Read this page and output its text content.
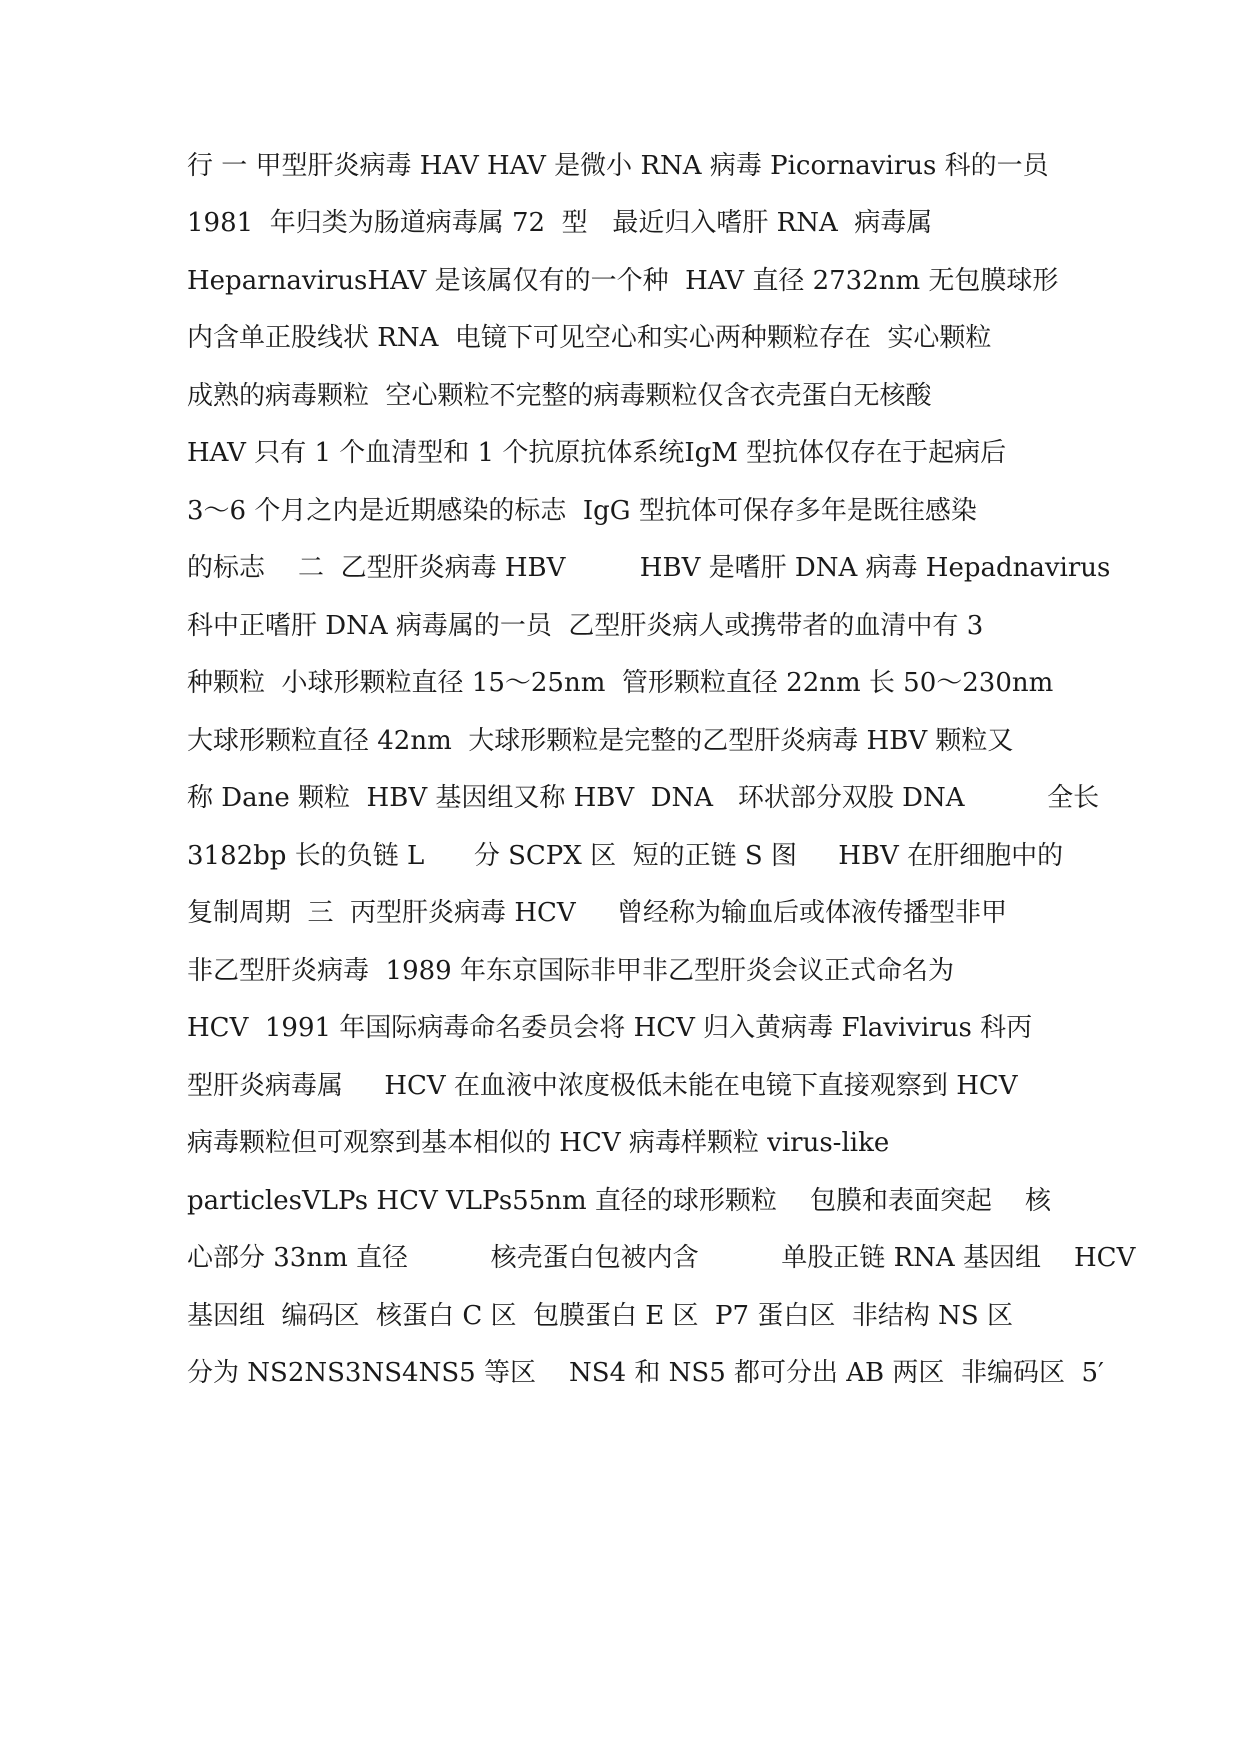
行 一 甲型肝炎病毒 HAV HAV 是微小 RNA 病毒 Picornavirus 科的一员
1981  年归类为肠道病毒属 72  型   最近归入嗜肝 RNA  病毒属
HeparnavirusHAV 是该属仅有的一个种  HAV 直径 2732nm 无包膜球形
内含单正股线状 RNA  电镜下可见空心和实心两种颗粒存在  实心颗粒
成熟的病毒颗粒  空心颗粒不完整的病毒颗粒仅含衣壳蛋白无核酸
HAV 只有 1 个血清型和 1 个抗原抗体系统IgM 型抗体仅存在于起病后
3～6 个月之内是近期感染的标志  IgG 型抗体可保存多年是既往感染
的标志    二  乙型肝炎病毒 HBV         HBV 是嗜肝 DNA 病毒 Hepadnavirus
科中正嗜肝 DNA 病毒属的一员  乙型肝炎病人或携带者的血清中有 3
种颗粒  小球形颗粒直径 15～25nm  管形颗粒直径 22nm 长 50～230nm
大球形颗粒直径 42nm  大球形颗粒是完整的乙型肝炎病毒 HBV 颗粒又
称 Dane 颗粒  HBV 基因组又称 HBV  DNA   环状部分双股 DNA          全长
3182bp 长的负链 L      分 SCPX 区  短的正链 S 图     HBV 在肝细胞中的
复制周期  三  丙型肝炎病毒 HCV     曾经称为输血后或体液传播型非甲
非乙型肝炎病毒  1989 年东京国际非甲非乙型肝炎会议正式命名为
HCV  1991 年国际病毒命名委员会将 HCV 归入黄病毒 Flavivirus 科丙
型肝炎病毒属     HCV 在血液中浓度极低未能在电镜下直接观察到 HCV
病毒颗粒但可观察到基本相似的 HCV 病毒样颗粒 virus-like
particlesVLPs HCV VLPs55nm 直径的球形颗粒    包膜和表面突起    核
心部分 33nm 直径          核壳蛋白包被内含          单股正链 RNA 基因组    HCV
基因组  编码区  核蛋白 C 区  包膜蛋白 E 区  P7 蛋白区  非结构 NS 区
分为 NS2NS3NS4NS5 等区    NS4 和 NS5 都可分出 AB 两区  非编码区  5′
